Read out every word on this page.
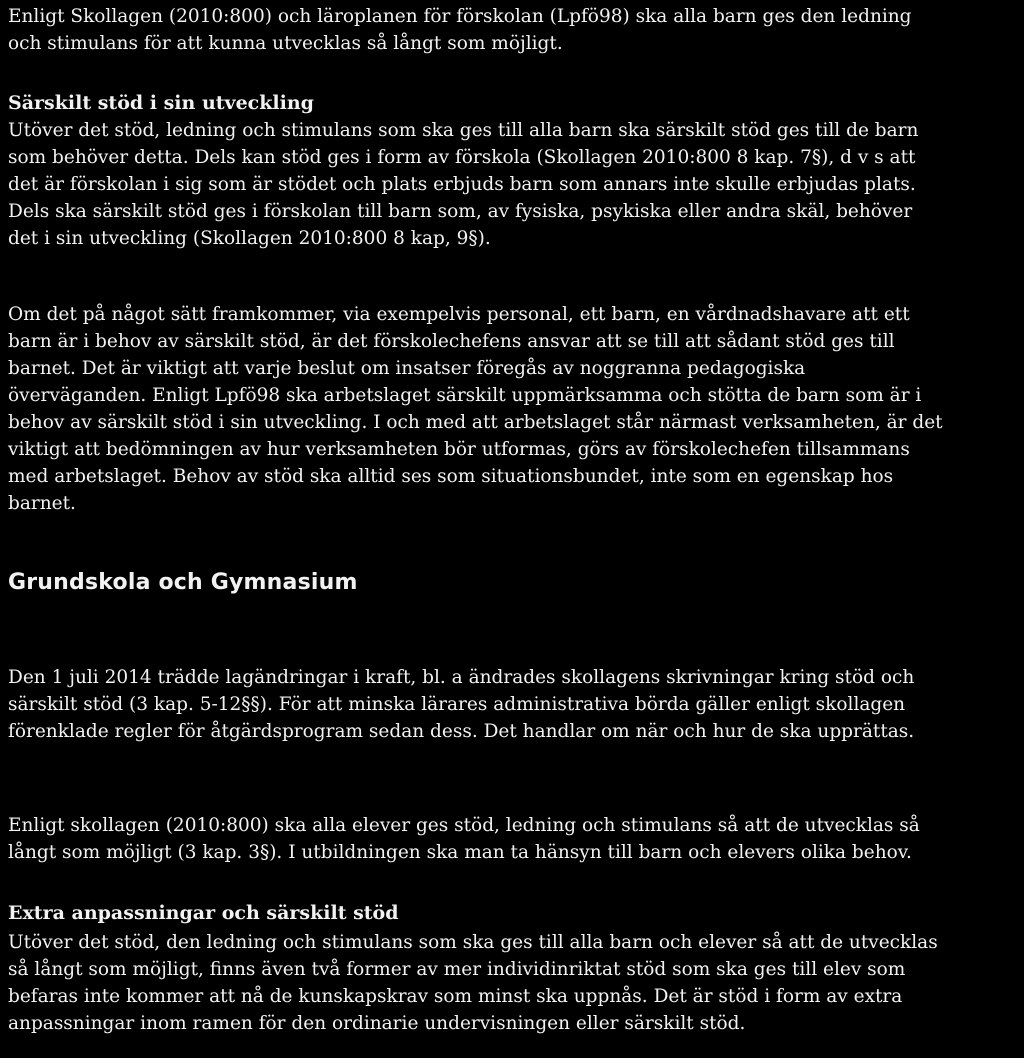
Enligt Skollagen (2010:800) och läroplanen för förskolan (Lpfö98) ska alla barn ges den ledning
och stimulans för att kunna utvecklas så långt som möjligt.

Särskilt stöd i sin utveckling

Utöver det stöd, ledning och stimulans som ska ges till alla barn ska särskilt stöd ges till de barn
som behöver detta. Dels kan stöd ges i form av förskola (Skollagen 2010:800 8 kap. 7§), d v s att
det är förskolan i sig som är stödet och plats erbjuds barn som annars inte skulle erbjudas plats.
Dels ska särskilt stöd ges i förskolan till barn som, av fysiska, psykiska eller andra skäl, behöver
det i sin utveckling (Skollagen 2010:800 8 kap, 9§).

Om det på något sätt framkommer, via exempelvis personal, ett barn, en vårdnadshavare att ett
barn är i behov av särskilt stöd, är det förskolechefens ansvar att se till att sådant stöd ges till
barnet. Det är viktigt att varje beslut om insatser föregås av noggranna pedagogiska
överväganden. Enligt Lpfö98 ska arbetslaget särskilt uppmärksamma och stötta de barn som är i
behov av särskilt stöd i sin utveckling. I och med att arbetslaget står närmast verksamheten, är det
viktigt att bedömningen av hur verksamheten bör utformas, görs av förskolechefen tillsammans
med arbetslaget. Behov av stöd ska alltid ses som situationsbundet, inte som en egenskap hos
barnet.

Grundskola och Gymnasium

Den 1 juli 2014 trädde lagändringar i kraft, bl. a ändrades skollagens skrivningar kring stöd och
särskilt stöd (3 kap. 5-12§§). För att minska lärares administrativa börda gäller enligt skollagen
förenklade regler för åtgärdsprogram sedan dess. Det handlar om när och hur de ska upprättas.

Enligt skollagen (2010:800) ska alla elever ges stöd, ledning och stimulans så att de utvecklas så
långt som möjligt (3 kap. 3§). I utbildningen ska man ta hänsyn till barn och elevers olika behov.

Extra anpassningar och särskilt stöd

Utöver det stöd, den ledning och stimulans som ska ges till alla barn och elever så att de utvecklas
så långt som möjligt, finns även två former av mer individinriktat stöd som ska ges till elev som
befaras inte kommer att nå de kunskapskrav som minst ska uppnås. Det är stöd i form av extra
anpassningar inom ramen för den ordinarie undervisningen eller särskilt stöd.
